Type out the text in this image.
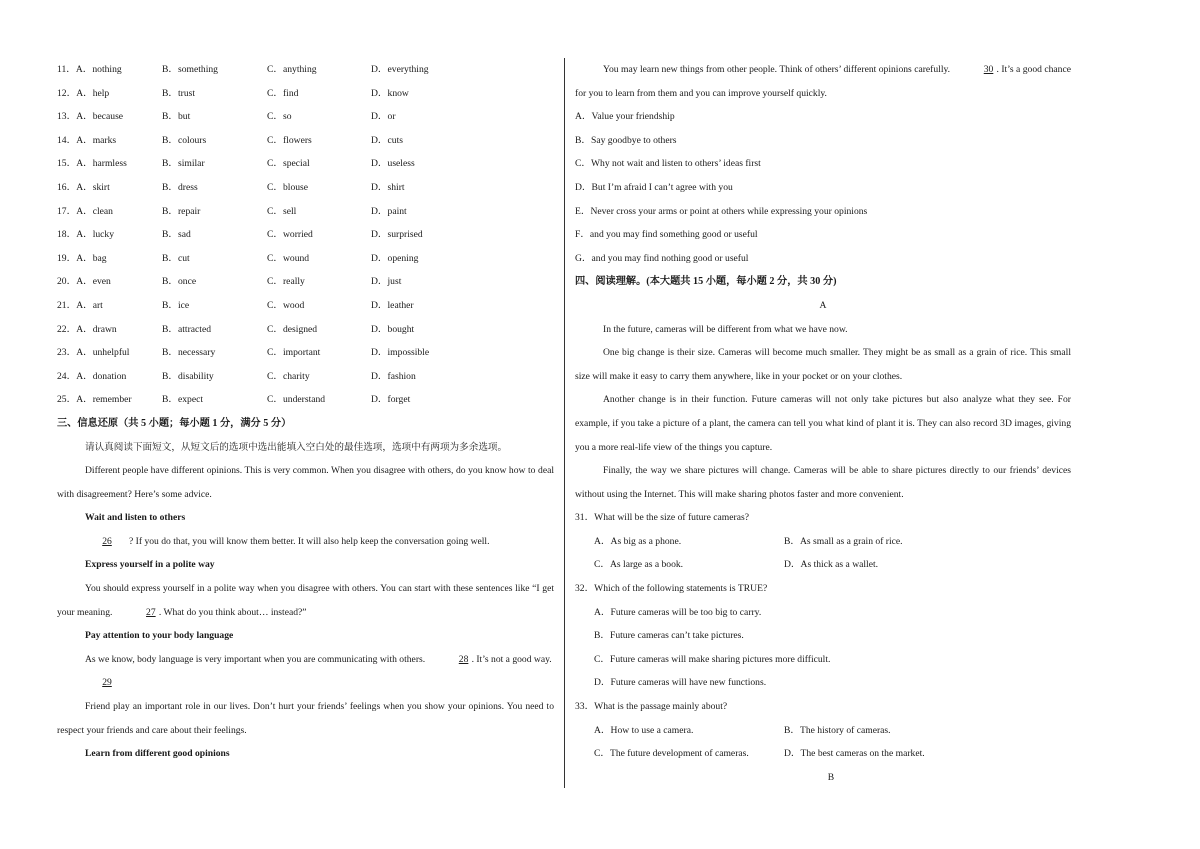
11．A．nothing	B．something	C．anything	D．everything
12．A．help	B．trust	C．find	D．know
13．A．because	B．but	C．so	D．or
14．A．marks	B．colours	C．flowers	D．cuts
15．A．harmless	B．similar	C．special	D．useless
16．A．skirt	B．dress	C．blouse	D．shirt
17．A．clean	B．repair	C．sell	D．paint
18．A．lucky	B．sad	C．worried	D．surprised
19．A．bag	B．cut	C．wound	D．opening
20．A．even	B．once	C．really	D．just
21．A．art	B．ice	C．wood	D．leather
22．A．drawn	B．attracted	C．designed	D．bought
23．A．unhelpful	B．necessary	C．important	D．impossible
24．A．donation	B．disability	C．charity	D．fashion
25．A．remember	B．expect	C．understand	D．forget
三、信息还原（共 5 小题；每小题 1 分，满分 5 分）
请认真阅读下面短文，从短文后的选项中选出能填入空白处的最佳选项，选项中有两项为多余选项。
Different people have different opinions. This is very common. When you disagree with others, do you know how to deal with disagreement? Here’s some advice.
Wait and listen to others
26 ? If you do that, you will know them better. It will also help keep the conversation going well.
Express yourself in a polite way
You should express yourself in a polite way when you disagree with others. You can start with these sentences like “I get your meaning.	27 . What do you think about… instead?”
Pay attention to your body language
As we know, body language is very important when you are communicating with others.	28 . It’s not a good way.
29
Friend play an important role in our lives. Don’t hurt your friends’ feelings when you show your opinions. You need to respect your friends and care about their feelings.
Learn from different good opinions
You may learn new things from other people. Think of others’ different opinions carefully.	30 . It’s a good chance for you to learn from them and you can improve yourself quickly.
A．Value your friendship
B．Say goodbye to others
C．Why not wait and listen to others’ ideas first
D．But I’m afraid I can’t agree with you
E．Never cross your arms or point at others while expressing your opinions
F．and you may find something good or useful
G．and you may find nothing good or useful
四、阅读理解。(本大题共 15 小题，每小题 2 分，共 30 分)
A
In the future, cameras will be different from what we have now.
One big change is their size. Cameras will become much smaller. They might be as small as a grain of rice. This small size will make it easy to carry them anywhere, like in your pocket or on your clothes.
Another change is in their function. Future cameras will not only take pictures but also analyze what they see. For example, if you take a picture of a plant, the camera can tell you what kind of plant it is. They can also record 3D images, giving you a more real-life view of the things you capture.
Finally, the way we share pictures will change. Cameras will be able to share pictures directly to our friends’ devices without using the Internet. This will make sharing photos faster and more convenient.
31．What will be the size of future cameras?
A．As big as a phone.	B．As small as a grain of rice.
C．As large as a book.	D．As thick as a wallet.
32．Which of the following statements is TRUE?
A．Future cameras will be too big to carry.
B．Future cameras can’t take pictures.
C．Future cameras will make sharing pictures more difficult.
D．Future cameras will have new functions.
33．What is the passage mainly about?
A．How to use a camera.	B．The history of cameras.
C．The future development of cameras.	D．The best cameras on the market.
B
